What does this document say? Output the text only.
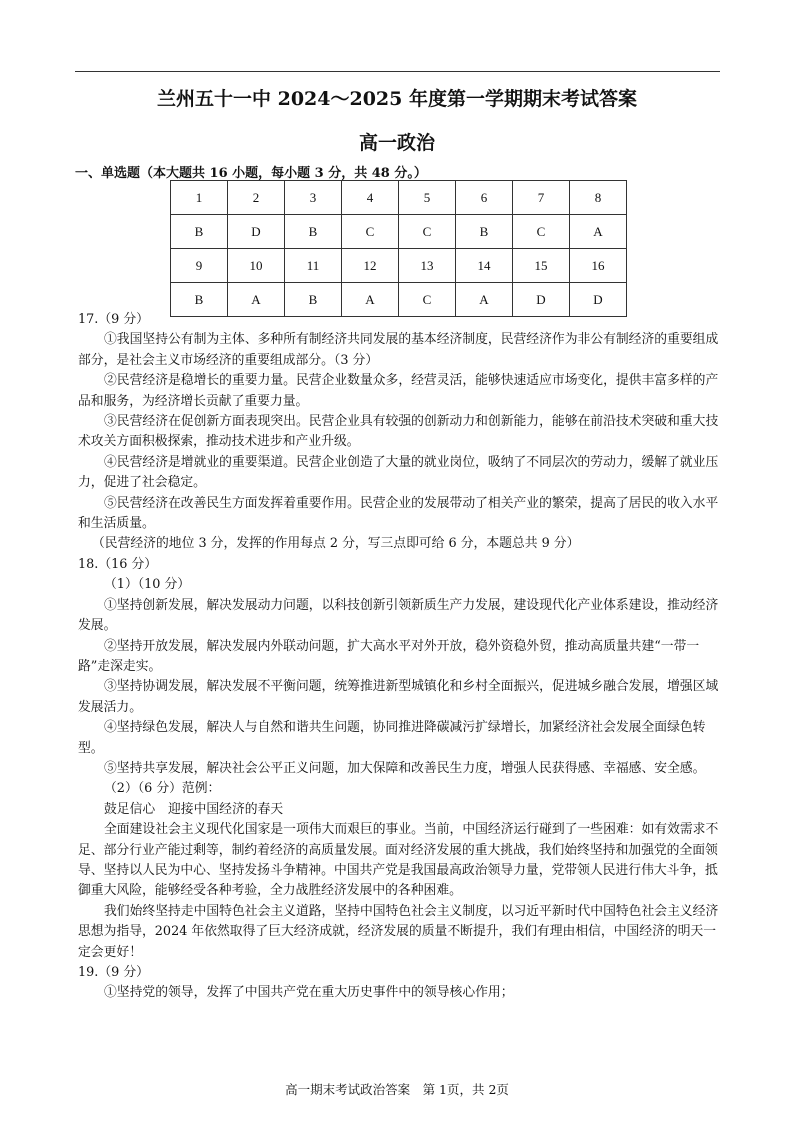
兰州五十一中 2024～2025 年度第一学期期末考试答案
高一政治
一、单选题（本大题共 16 小题，每小题 3 分，共 48 分。）
1	2	3	4	5	6	7	8
B	D	B	C	C	B	C	A
9	10	11	12	13	14	15	16
B	A	B	A	C	A	D	D

17.（9 分）

①我国坚持公有制为主体、多种所有制经济共同发展的基本经济制度，民营经济作为非公有制经济的重要组成部分，是社会主义市场经济的重要组成部分。（3 分）

②民营经济是稳增长的重要力量。民营企业数量众多，经营灵活，能够快速适应市场变化，提供丰富多样的产品和服务，为经济增长贡献了重要力量。

③民营经济在促创新方面表现突出。民营企业具有较强的创新动力和创新能力，能够在前沿技术突破和重大技术攻关方面积极探索，推动技术进步和产业升级。

④民营经济是增就业的重要渠道。民营企业创造了大量的就业岗位，吸纳了不同层次的劳动力，缓解了就业压力，促进了社会稳定。

⑤民营经济在改善民生方面发挥着重要作用。民营企业的发展带动了相关产业的繁荣，提高了居民的收入水平和生活质量。

（民营经济的地位 3 分，发挥的作用每点 2 分，写三点即可给 6 分，本题总共 9 分）

18.（16 分）

（1）（10 分）

①坚持创新发展，解决发展动力问题，以科技创新引领新质生产力发展，建设现代化产业体系建设，推动经济发展。

②坚持开放发展，解决发展内外联动问题，扩大高水平对外开放，稳外资稳外贸，推动高质量共建“一带一路”走深走实。

③坚持协调发展，解决发展不平衡问题，统筹推进新型城镇化和乡村全面振兴，促进城乡融合发展，增强区域发展活力。

④坚持绿色发展，解决人与自然和谐共生问题，协同推进降碳减污扩绿增长，加紧经济社会发展全面绿色转型。

⑤坚持共享发展，解决社会公平正义问题，加大保障和改善民生力度，增强人民获得感、幸福感、安全感。

（2）（6 分）范例：

鼓足信心　迎接中国经济的春天

全面建设社会主义现代化国家是一项伟大而艰巨的事业。当前，中国经济运行碰到了一些困难：如有效需求不足、部分行业产能过剩等，制约着经济的高质量发展。面对经济发展的重大挑战，我们始终坚持和加强党的全面领导、坚持以人民为中心、坚持发扬斗争精神。中国共产党是我国最高政治领导力量，党带领人民进行伟大斗争，抵御重大风险，能够经受各种考验，全力战胜经济发展中的各种困难。

我们始终坚持走中国特色社会主义道路，坚持中国特色社会主义制度，以习近平新时代中国特色社会主义经济思想为指导，2024 年依然取得了巨大经济成就，经济发展的质量不断提升，我们有理由相信，中国经济的明天一定会更好！

19.（9 分）

①坚持党的领导，发挥了中国共产党在重大历史事件中的领导核心作用；

高一期末考试政治答案　第 1页，共 2页
